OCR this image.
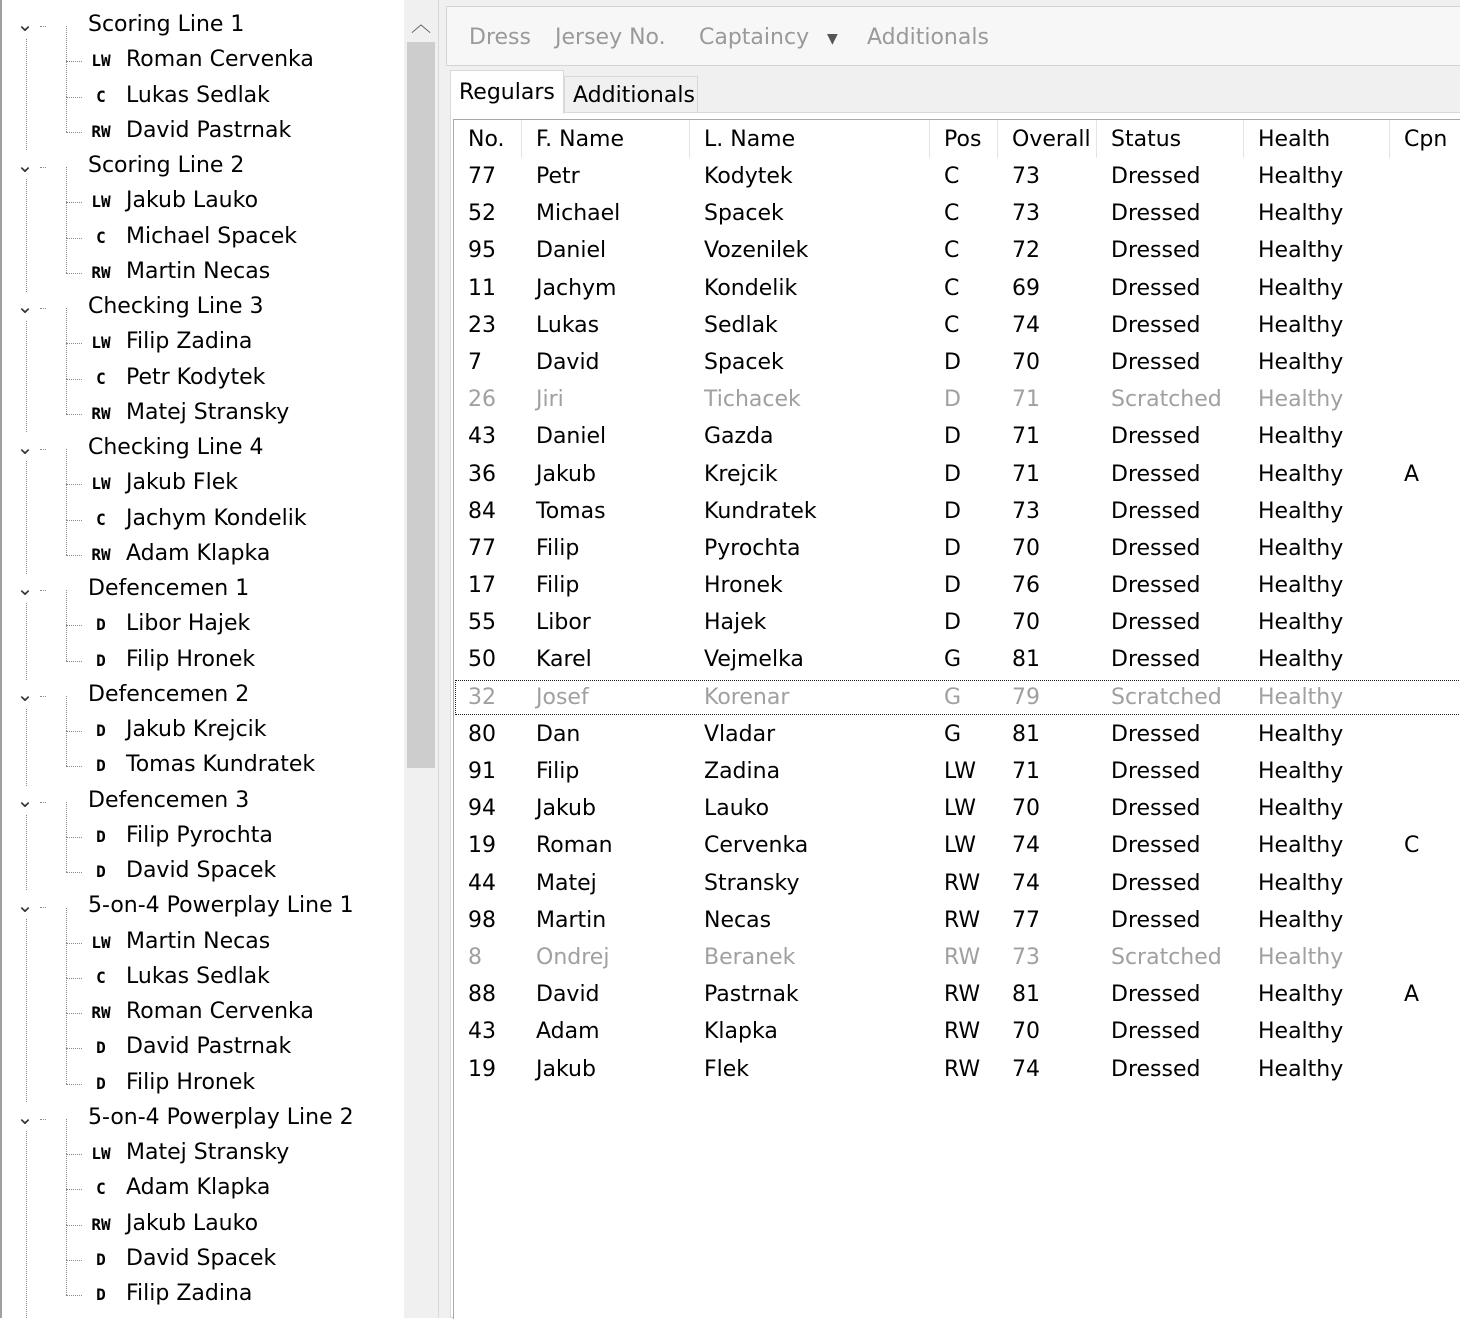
⌄ Scoring Line 1
LW Roman Cervenka
C Lukas Sedlak
RW David Pastrnak
⌄ Scoring Line 2
LW Jakub Lauko
C Michael Spacek
RW Martin Necas
⌄ Checking Line 3
LW Filip Zadina
C Petr Kodytek
RW Matej Stransky
⌄ Checking Line 4
LW Jakub Flek
C Jachym Kondelik
RW Adam Klapka
⌄ Defencemen 1
D Libor Hajek
D Filip Hronek
⌄ Defencemen 2
D Jakub Krejcik
D Tomas Kundratek
⌄ Defencemen 3
D Filip Pyrochta
D David Spacek
⌄ 5-on-4 Powerplay Line 1
LW Martin Necas
C Lukas Sedlak
RW Roman Cervenka
D David Pastrnak
D Filip Hronek
⌄ 5-on-4 Powerplay Line 2
LW Matej Stransky
C Adam Klapka
RW Jakub Lauko
D David Spacek
D Filip Zadina
︿
Dress Jersey No. Captaincy ▼ Additionals
Regulars Additionals
No.	F. Name	L. Name	Pos	Overall Status	Health	Cpn
77	Petr	Kodytek	C	73	Dressed	Healthy
52	Michael	Spacek	C	73	Dressed	Healthy
95	Daniel	Vozenilek	C	72	Dressed	Healthy
11	Jachym	Kondelik	C	69	Dressed	Healthy
23	Lukas	Sedlak	C	74	Dressed	Healthy
7	David	Spacek	D	70	Dressed	Healthy
26	Jiri	Tichacek	D	71	Scratched	Healthy
43	Daniel	Gazda	D	71	Dressed	Healthy
36	Jakub	Krejcik	D	71	Dressed	Healthy	A
84	Tomas	Kundratek	D	73	Dressed	Healthy
77	Filip	Pyrochta	D	70	Dressed	Healthy
17	Filip	Hronek	D	76	Dressed	Healthy
55	Libor	Hajek	D	70	Dressed	Healthy
50	Karel	Vejmelka	G	81	Dressed	Healthy
32	Josef	Korenar	G	79	Scratched	Healthy
80	Dan	Vladar	G	81	Dressed	Healthy
91	Filip	Zadina	LW	71	Dressed	Healthy
94	Jakub	Lauko	LW	70	Dressed	Healthy
19	Roman	Cervenka	LW	74	Dressed	Healthy	C
44	Matej	Stransky	RW	74	Dressed	Healthy
98	Martin	Necas	RW	77	Dressed	Healthy
8	Ondrej	Beranek	RW	73	Scratched	Healthy
88	David	Pastrnak	RW	81	Dressed	Healthy	A
43	Adam	Klapka	RW	70	Dressed	Healthy
19	Jakub	Flek	RW	74	Dressed	Healthy
